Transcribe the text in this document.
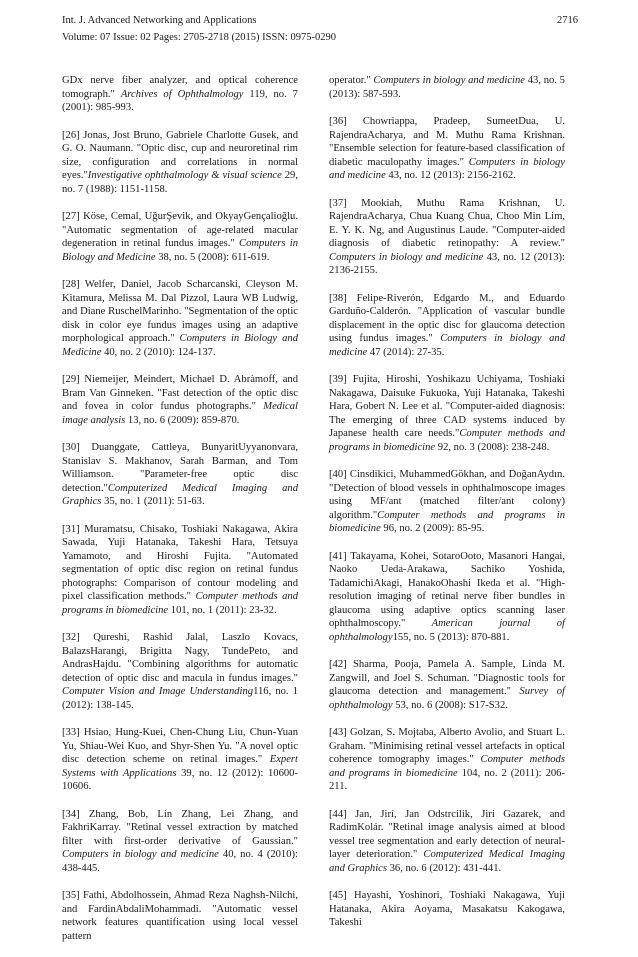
Int. J. Advanced Networking and Applications	2716
Volume: 07 Issue: 02 Pages: 2705-2718 (2015) ISSN: 0975-0290

GDx nerve fiber analyzer, and optical coherence tomograph." Archives of Ophthalmology 119, no. 7 (2001): 985-993.

[26] Jonas, Jost Bruno, Gabriele Charlotte Gusek, and G. O. Naumann. "Optic disc, cup and neuroretinal rim size, configuration and correlations in normal eyes."Investigative ophthalmology & visual science 29, no. 7 (1988): 1151-1158.

[27] Köse, Cemal, UğurŞevik, and OkyayGençalioğlu. "Automatic segmentation of age-related macular degeneration in retinal fundus images." Computers in Biology and Medicine 38, no. 5 (2008): 611-619.

[28] Welfer, Daniel, Jacob Scharcanski, Cleyson M. Kitamura, Melissa M. Dal Pizzol, Laura WB Ludwig, and Diane RuschelMarinho. "Segmentation of the optic disk in color eye fundus images using an adaptive morphological approach." Computers in Biology and Medicine 40, no. 2 (2010): 124-137.

[29] Niemeijer, Meindert, Michael D. Abràmoff, and Bram Van Ginneken. "Fast detection of the optic disc and fovea in color fundus photographs." Medical image analysis 13, no. 6 (2009): 859-870.

[30] Duanggate, Cattleya, BunyaritUyyanonvara, Stanislav S. Makhanov, Sarah Barman, and Tom Williamson. "Parameter-free optic disc detection."Computerized Medical Imaging and Graphics 35, no. 1 (2011): 51-63.

[31] Muramatsu, Chisako, Toshiaki Nakagawa, Akira Sawada, Yuji Hatanaka, Takeshi Hara, Tetsuya Yamamoto, and Hiroshi Fujita. "Automated segmentation of optic disc region on retinal fundus photographs: Comparison of contour modeling and pixel classification methods." Computer methods and programs in biomedicine 101, no. 1 (2011): 23-32.

[32] Qureshi, Rashid Jalal, Laszlo Kovacs, BalazsHarangi, Brigitta Nagy, TundePeto, and AndrasHajdu. "Combining algorithms for automatic detection of optic disc and macula in fundus images." Computer Vision and Image Understanding116, no. 1 (2012): 138-145.

[33] Hsiao, Hung-Kuei, Chen-Chung Liu, Chun-Yuan Yu, Shiau-Wei Kuo, and Shyr-Shen Yu. "A novel optic disc detection scheme on retinal images." Expert Systems with Applications 39, no. 12 (2012): 10600-10606.

[34] Zhang, Bob, Lin Zhang, Lei Zhang, and FakhriKarray. "Retinal vessel extraction by matched filter with first-order derivative of Gaussian." Computers in biology and medicine 40, no. 4 (2010): 438-445.

[35] Fathi, Abdolhossein, Ahmad Reza Naghsh-Nilchi, and FardinAbdaliMohammadi. "Automatic vessel network features quantification using local vessel pattern

operator." Computers in biology and medicine 43, no. 5 (2013): 587-593.

[36] Chowriappa, Pradeep, SumeetDua, U. RajendraAcharya, and M. Muthu Rama Krishnan. "Ensemble selection for feature-based classification of diabetic maculopathy images." Computers in biology and medicine 43, no. 12 (2013): 2156-2162.

[37] Mookiah, Muthu Rama Krishnan, U. RajendraAcharya, Chua Kuang Chua, Choo Min Lim, E. Y. K. Ng, and Augustinus Laude. "Computer-aided diagnosis of diabetic retinopathy: A review." Computers in biology and medicine 43, no. 12 (2013): 2136-2155.

[38] Felipe-Riverón, Edgardo M., and Eduardo Garduño-Calderón. "Application of vascular bundle displacement in the optic disc for glaucoma detection using fundus images." Computers in biology and medicine 47 (2014): 27-35.

[39] Fujita, Hiroshi, Yoshikazu Uchiyama, Toshiaki Nakagawa, Daisuke Fukuoka, Yuji Hatanaka, Takeshi Hara, Gobert N. Lee et al. "Computer-aided diagnosis: The emerging of three CAD systems induced by Japanese health care needs."Computer methods and programs in biomedicine 92, no. 3 (2008): 238-248.

[40] Cinsdikici, MuhammedGökhan, and DoğanAydın. "Detection of blood vessels in ophthalmoscope images using MF/ant (matched filter/ant colony) algorithm."Computer methods and programs in biomedicine 96, no. 2 (2009): 85-95.

[41] Takayama, Kohei, SotaroOoto, Masanori Hangai, Naoko Ueda-Arakawa, Sachiko Yoshida, TadamichiAkagi, HanakoOhashi Ikeda et al. "High-resolution imaging of retinal nerve fiber bundles in glaucoma using adaptive optics scanning laser ophthalmoscopy." American journal of ophthalmology155, no. 5 (2013): 870-881.

[42] Sharma, Pooja, Pamela A. Sample, Linda M. Zangwill, and Joel S. Schuman. "Diagnostic tools for glaucoma detection and management." Survey of ophthalmology 53, no. 6 (2008): S17-S32.

[43] Golzan, S. Mojtaba, Alberto Avolio, and Stuart L. Graham. "Minimising retinal vessel artefacts in optical coherence tomography images." Computer methods and programs in biomedicine 104, no. 2 (2011): 206-211.

[44] Jan, Jirí, Jan Odstrcilik, Jiri Gazarek, and RadimKolár. "Retinal image analysis aimed at blood vessel tree segmentation and early detection of neural-layer deterioration." Computerized Medical Imaging and Graphics 36, no. 6 (2012): 431-441.

[45] Hayashi, Yoshinori, Toshiaki Nakagawa, Yuji Hatanaka, Akira Aoyama, Masakatsu Kakogawa, Takeshi
